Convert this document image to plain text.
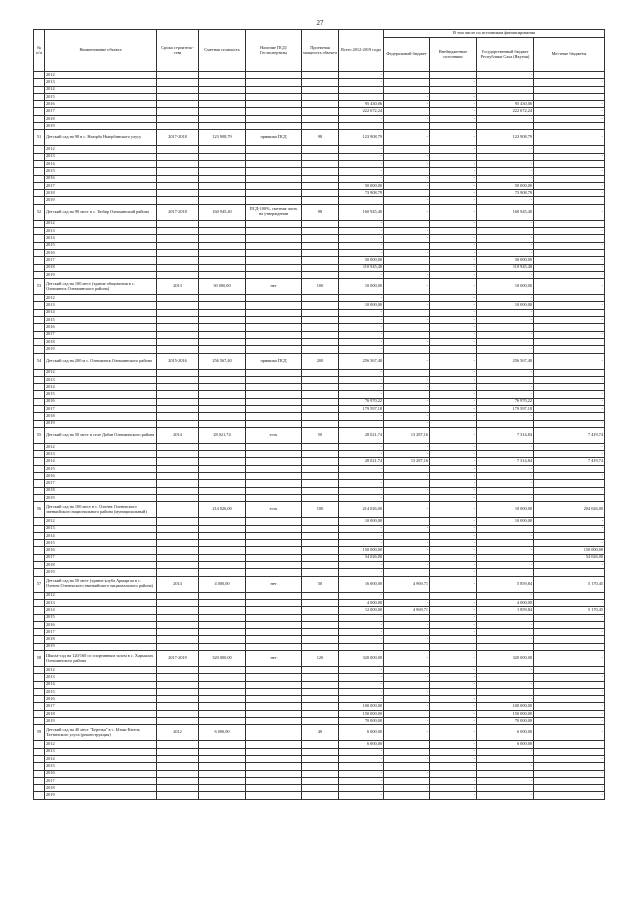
27
№ п/п	Наименование объекта	Сроки строитель-ства	Сметная стоимость	Наличие ПСД/ Госэкспертизы	Проектная мощность объекта	Всего 2012-2019 годы	В том числе по источникам финансирования			
							Федеральный бюджет	Внебюджетные источники	Государственный бюджет Республики Саха (Якутия)	Местные бюджеты
	2012					-			-	
	2013					-		-		-
	2014									
	2015						-	-		
	2016					95 430,06	-	-	95 430,06	-
	2017					222 672,24		-	222 672,24	-
	2018					-	-	-	-	-
	2019									
51	Детский сад на 98 в с. Ньюрба Ньюрбинского улусу	2017-2018	123 908,79	привязка ПСД	98	123 908,79	-	-	123 908,79	-
	2012					-		-	-	
	2013					-	-			-
	2014					-	-	-	-	
	2015					-		-	-	-
	2016					-	-	-	-	
	2017					50 000,00	-	-	50 000,00	-
	2018					73 908,79		-	73 908,79	-
	2019						-	-	-	
52	Детский сад на 98 мест в с. Тюбяр Олекминский района	2017-2018	160 945,40	ПСД-100%, сметная часть на утверждении	98	160 945,40	-	-	160 945,40	-
	2012					-		-	-	
	2013					-	-			-
	2014					-	-	-	-	
	2015					-		-	-	-
	2016					-	-	-	-	
	2017					50 000,00		-	50 000,00	-
	2018					110 945,40		-	110 945,40	-
	2019					-	-	-	-	-
53	Детский сад на 100 мест (здание общежития в с. Олекминск Олекминского района)	2013	30 000,00	нет	100	10 000,00	-	-	10 000,00	-
	2012					-		-	-	
	2013					10 000,00	-	-	10 000,00	-
	2014					-		-	-	
	2015					-	-	-	-	-
	2016					-		-		
	2017					-		-	-	-
	2018					-	-	-		
	2019					-			-	
54	Детский сад на 200 м с. Олекминск Олекминского района	2015-2016	256 567,40	привязка ПСД	200	256 567,40	-	-	256 567,40	-
	2012					-		-	-	
	2013					-	-	-		-
	2014					-	-		-	
	2015					-		-	-	-
	2016					76 970,22	-	-	76 970,22	-
	2017					179 597,18		-	179 597,18	-
	2018					-	-	-	-	
	2019						-			-
55	Детский сад на 50 мест в селе Дабан Олекминского района	2014	28 021,74	есть	50	28 021,74	13 287,16	-	7 314,84	7 419,74
	2012					-	-	-	-	-
	2013					-	-	-		-
	2014					28 021,74	13 287,16	-	7 314,84	7 419,74
	2015					-		-	-	
	2016					-	-	-	-	-
	2017					-		-	-	
	2018					-	-	-		-
	2019					-		-	-	
56	Детский сад на 100 мест в с. Оленек Оленекского эвенкийского национального района (муниципальный)		214 026,00	есть	100	214 026,00	-	-	10 000,00	204 026,00
	2012					10 000,00		-	10 000,00	-
	2013					-	-	-		-
	2014					-		-	-	
	2015					-	-	-		-
	2016					150 000,00	-	-	-	150 000,00
	2017					54 026,00		-		54 026,00
	2018					-	-	-	-	-
	2019					-		-		
57	Детский сад на 50 мест (здание клуба Арыаргаа в с. Оленек Оленекского эвенкийского национального района)	2014	4 000,00	нет	50	16 000,00	4 969,71	-	5 859,84	5 170,45
	2012					-			-	
	2013					4 000,00	-	-	4 000,00	-
	2014					12 000,00	4 969,71	-	1 859,84	5 170,45
	2015					-		-		-
	2016					-	-	-	-	
	2017					-		-		-
	2018					-	-		-	
	2019									
58	Школа-сад на 120/160 со спортивным залом в с. Харыялах Олекминского района	2017-2019	320 000,00	нет	120	320 000,00	-	-	320 000,00	-
	2012					-		-	-	
	2013					-	-	-		-
	2014					-		-	-	
	2015					-	-			-
	2016					-		-	-	
	2017					100 000,00	-	-	100 000,00	-
	2018					150 000,00		-	150 000,00	-
	2019					70 000,00	-	-	70 000,00	-
59	Детский сад на 40 мест "Березка" в с. Ытык-Кюель Таттинского улуса (реконструкция)	2012	6 000,00		40	6 000,00	-	-	6 000,00	-
	2012					6 000,00		-	6 000,00	
	2013					-		-	-	
	2014					-	-	-		-
	2015					-		-	-	
	2016					-	-			-
	2017					-		-	-	
	2018					-	-	-		-
	2019					-		-	-	-
